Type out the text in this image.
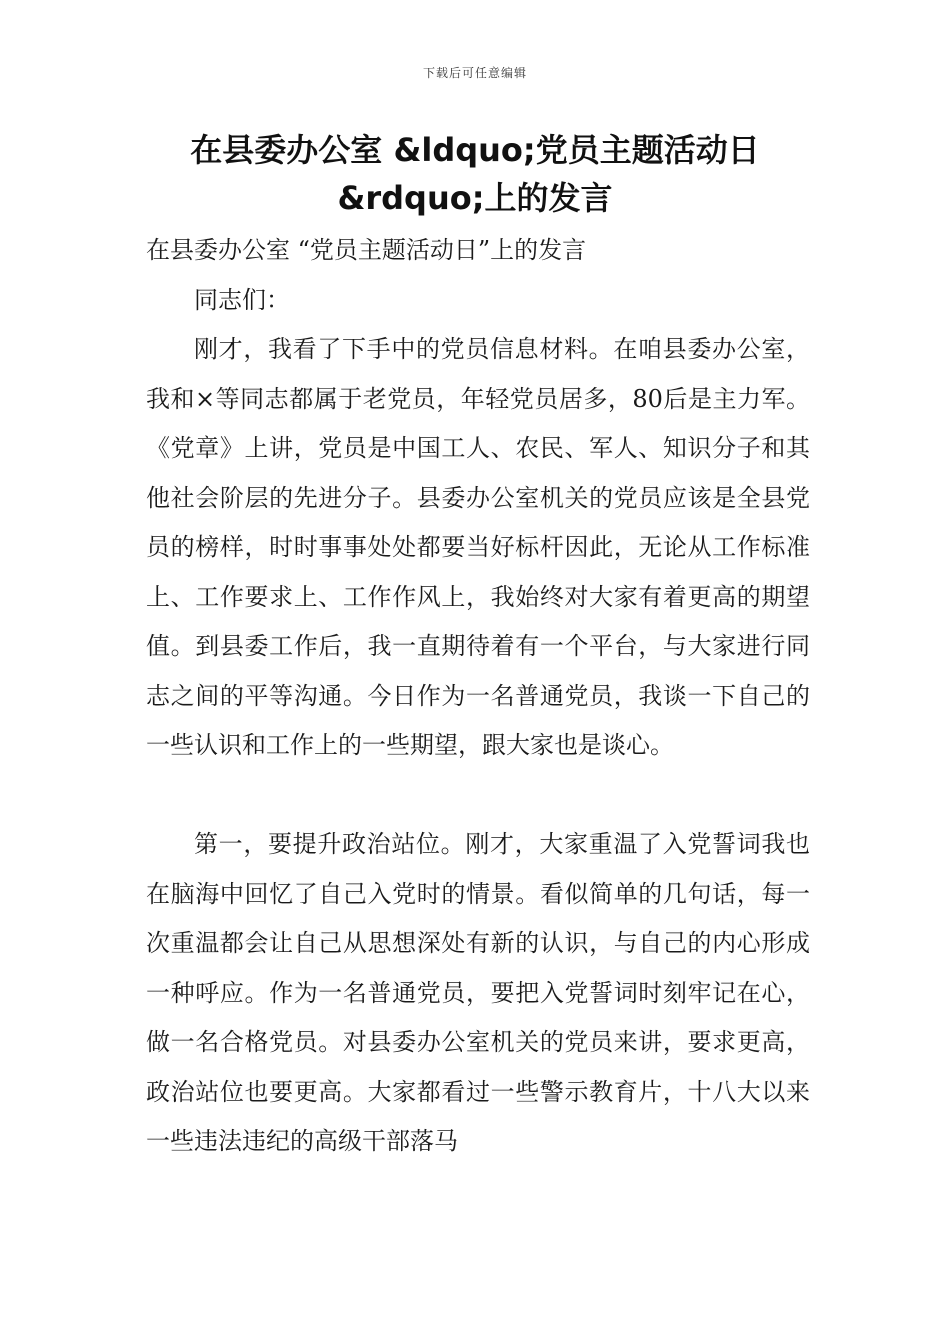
下载后可任意编辑
在县委办公室 &ldquo;党员主题活动日&rdquo;上的发言

在县委办公室 “党员主题活动日”上的发言

同志们：

刚才，我看了下手中的党员信息材料。在咱县委办公室，我和×等同志都属于老党员，年轻党员居多，80后是主力军。《党章》上讲，党员是中国工人、农民、军人、知识分子和其他社会阶层的先进分子。县委办公室机关的党员应该是全县党员的榜样，时时事事处处都要当好标杆因此，无论从工作标准上、工作要求上、工作作风上，我始终对大家有着更高的期望值。到县委工作后，我一直期待着有一个平台，与大家进行同志之间的平等沟通。今日作为一名普通党员，我谈一下自己的一些认识和工作上的一些期望，跟大家也是谈心。

第一，要提升政治站位。刚才，大家重温了入党誓词我也在脑海中回忆了自己入党时的情景。看似简单的几句话，每一次重温都会让自己从思想深处有新的认识，与自己的内心形成一种呼应。作为一名普通党员，要把入党誓词时刻牢记在心，做一名合格党员。对县委办公室机关的党员来讲，要求更高，政治站位也要更高。大家都看过一些警示教育片，十八大以来一些违法违纪的高级干部落马
